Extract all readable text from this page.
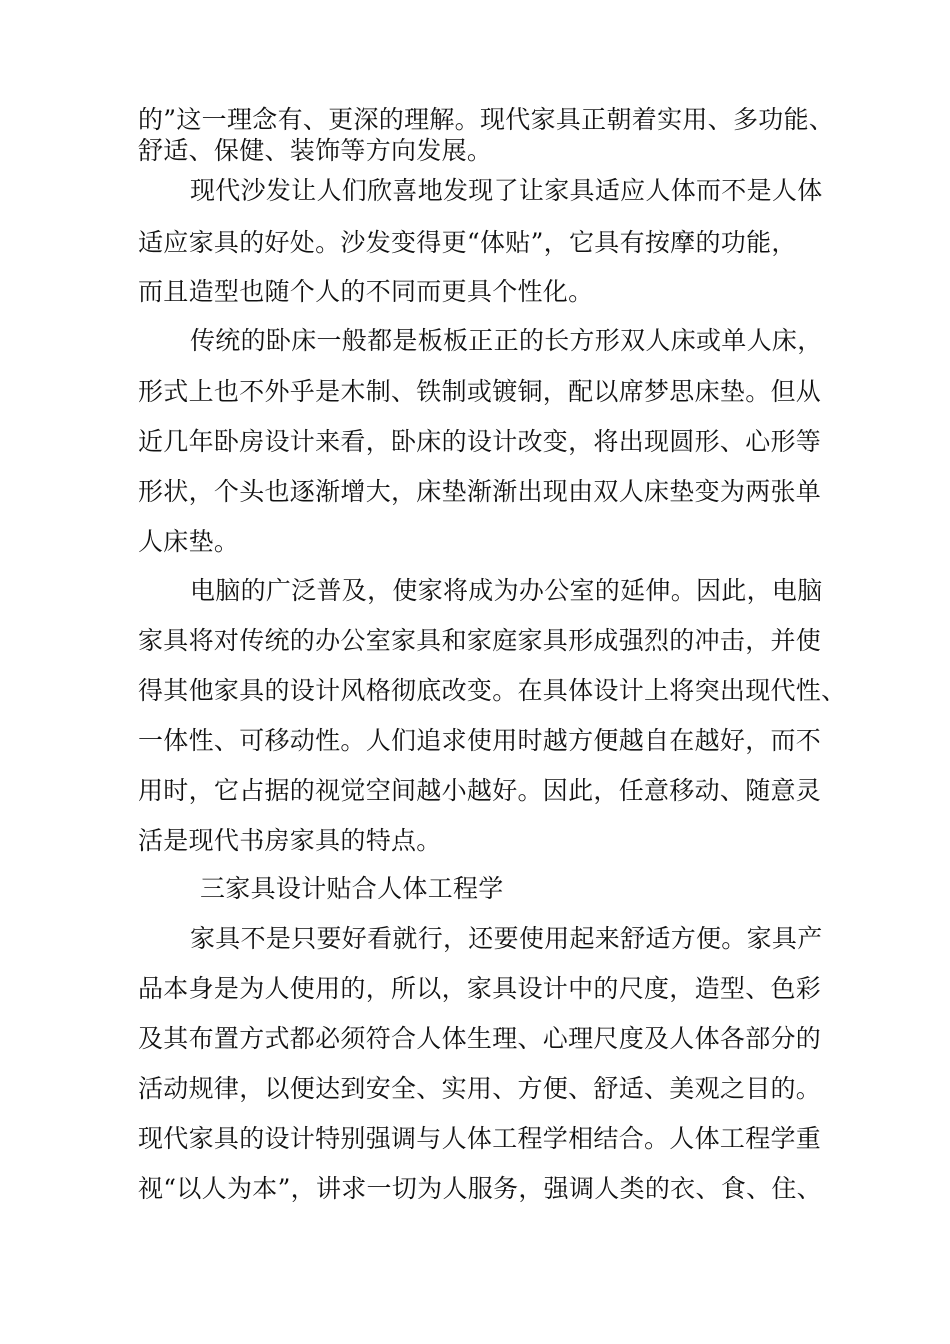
的”这一理念有、更深的理解。现代家具正朝着实用、多功能、
舒适、保健、装饰等方向发展。
现代沙发让人们欣喜地发现了让家具适应人体而不是人体
适应家具的好处。沙发变得更“体贴”，它具有按摩的功能，
而且造型也随个人的不同而更具个性化。
传统的卧床一般都是板板正正的长方形双人床或单人床，
形式上也不外乎是木制、铁制或镀铜，配以席梦思床垫。但从
近几年卧房设计来看，卧床的设计改变，将出现圆形、心形等
形状，个头也逐渐增大，床垫渐渐出现由双人床垫变为两张单
人床垫。
电脑的广泛普及，使家将成为办公室的延伸。因此，电脑
家具将对传统的办公室家具和家庭家具形成强烈的冲击，并使
得其他家具的设计风格彻底改变。在具体设计上将突出现代性、
一体性、可移动性。人们追求使用时越方便越自在越好，而不
用时，它占据的视觉空间越小越好。因此，任意移动、随意灵
活是现代书房家具的特点。
三家具设计贴合人体工程学
家具不是只要好看就行，还要使用起来舒适方便。家具产
品本身是为人使用的，所以，家具设计中的尺度，造型、色彩
及其布置方式都必须符合人体生理、心理尺度及人体各部分的
活动规律，以便达到安全、实用、方便、舒适、美观之目的。
现代家具的设计特别强调与人体工程学相结合。人体工程学重
视“以人为本”，讲求一切为人服务，强调人类的衣、食、住、
